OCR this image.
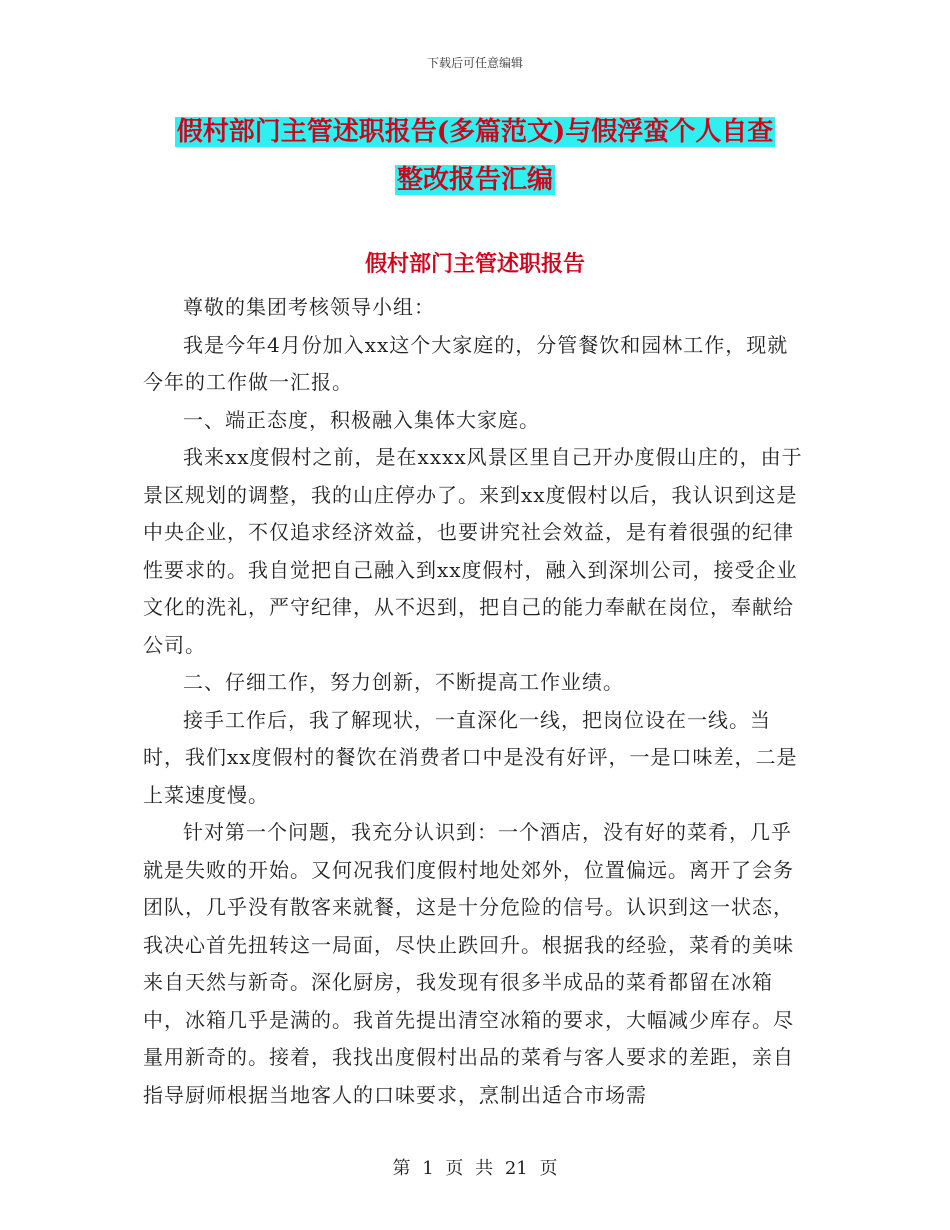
下载后可任意编辑
假村部门主管述职报告(多篇范文)与假浮蛮个人自查
整改报告汇编
假村部门主管述职报告

尊敬的集团考核领导小组：

我是今年4月份加入xx这个大家庭的，分管餐饮和园林工作，现就今年的工作做一汇报。

一、端正态度，积极融入集体大家庭。

我来xx度假村之前，是在xxxx风景区里自己开办度假山庄的，由于景区规划的调整，我的山庄停办了。来到xx度假村以后，我认识到这是中央企业，不仅追求经济效益，也要讲究社会效益，是有着很强的纪律性要求的。我自觉把自己融入到xx度假村，融入到深圳公司，接受企业文化的洗礼，严守纪律，从不迟到，把自己的能力奉献在岗位，奉献给公司。

二、仔细工作，努力创新，不断提高工作业绩。

接手工作后，我了解现状，一直深化一线，把岗位设在一线。当时，我们xx度假村的餐饮在消费者口中是没有好评，一是口味差，二是上菜速度慢。

针对第一个问题，我充分认识到：一个酒店，没有好的菜肴，几乎就是失败的开始。又何况我们度假村地处郊外，位置偏远。离开了会务团队，几乎没有散客来就餐，这是十分危险的信号。认识到这一状态，我决心首先扭转这一局面，尽快止跌回升。根据我的经验，菜肴的美味来自天然与新奇。深化厨房，我发现有很多半成品的菜肴都留在冰箱中，冰箱几乎是满的。我首先提出清空冰箱的要求，大幅减少库存。尽量用新奇的。接着，我找出度假村出品的菜肴与客人要求的差距，亲自指导厨师根据当地客人的口味要求，烹制出适合市场需

第 1 页 共 21 页
